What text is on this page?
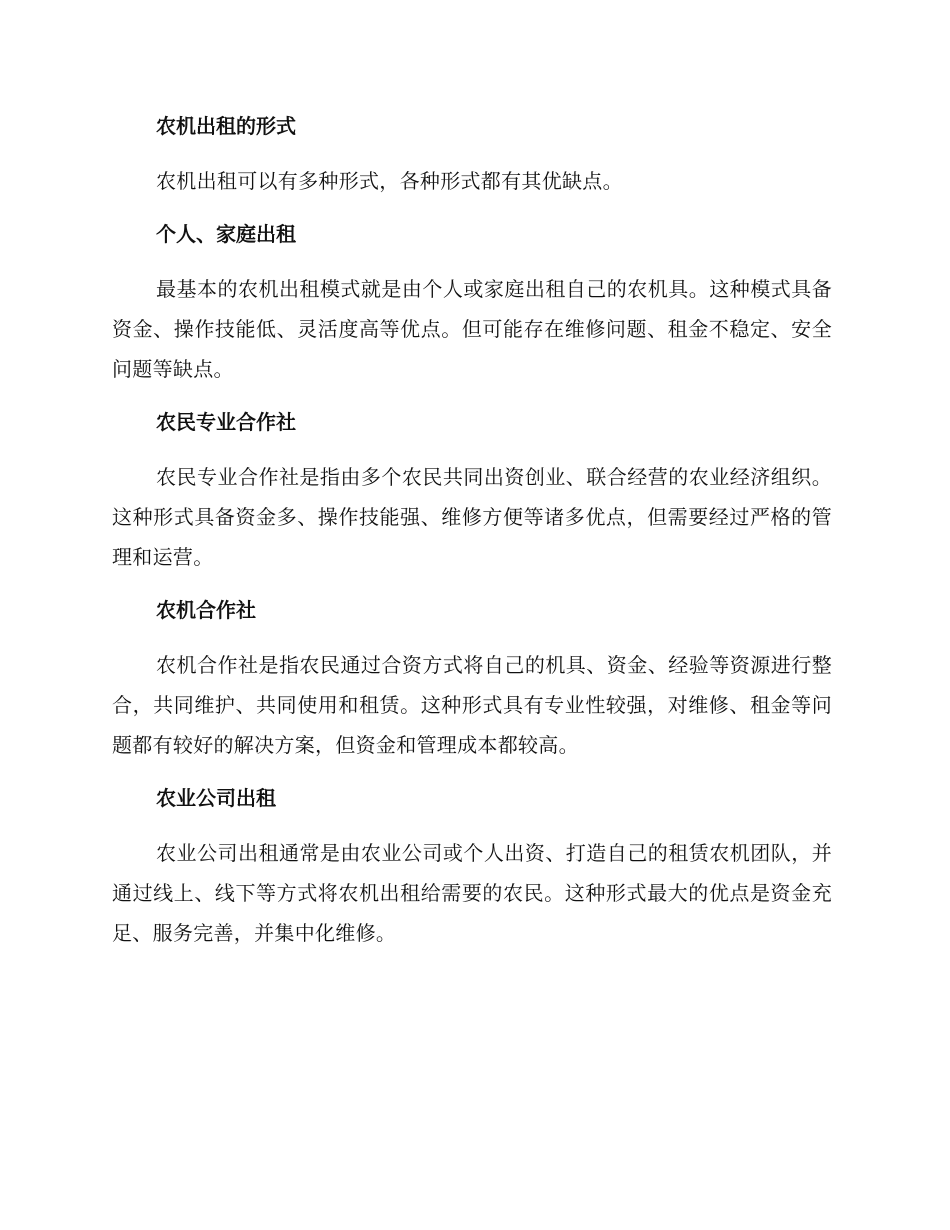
农机出租的形式
农机出租可以有多种形式，各种形式都有其优缺点。
个人、家庭出租
最基本的农机出租模式就是由个人或家庭出租自己的农机具。这种模式具备资金、操作技能低、灵活度高等优点。但可能存在维修问题、租金不稳定、安全问题等缺点。
农民专业合作社
农民专业合作社是指由多个农民共同出资创业、联合经营的农业经济组织。这种形式具备资金多、操作技能强、维修方便等诸多优点，但需要经过严格的管理和运营。
农机合作社
农机合作社是指农民通过合资方式将自己的机具、资金、经验等资源进行整合，共同维护、共同使用和租赁。这种形式具有专业性较强，对维修、租金等问题都有较好的解决方案，但资金和管理成本都较高。
农业公司出租
农业公司出租通常是由农业公司或个人出资、打造自己的租赁农机团队，并通过线上、线下等方式将农机出租给需要的农民。这种形式最大的优点是资金充足、服务完善，并集中化维修。
